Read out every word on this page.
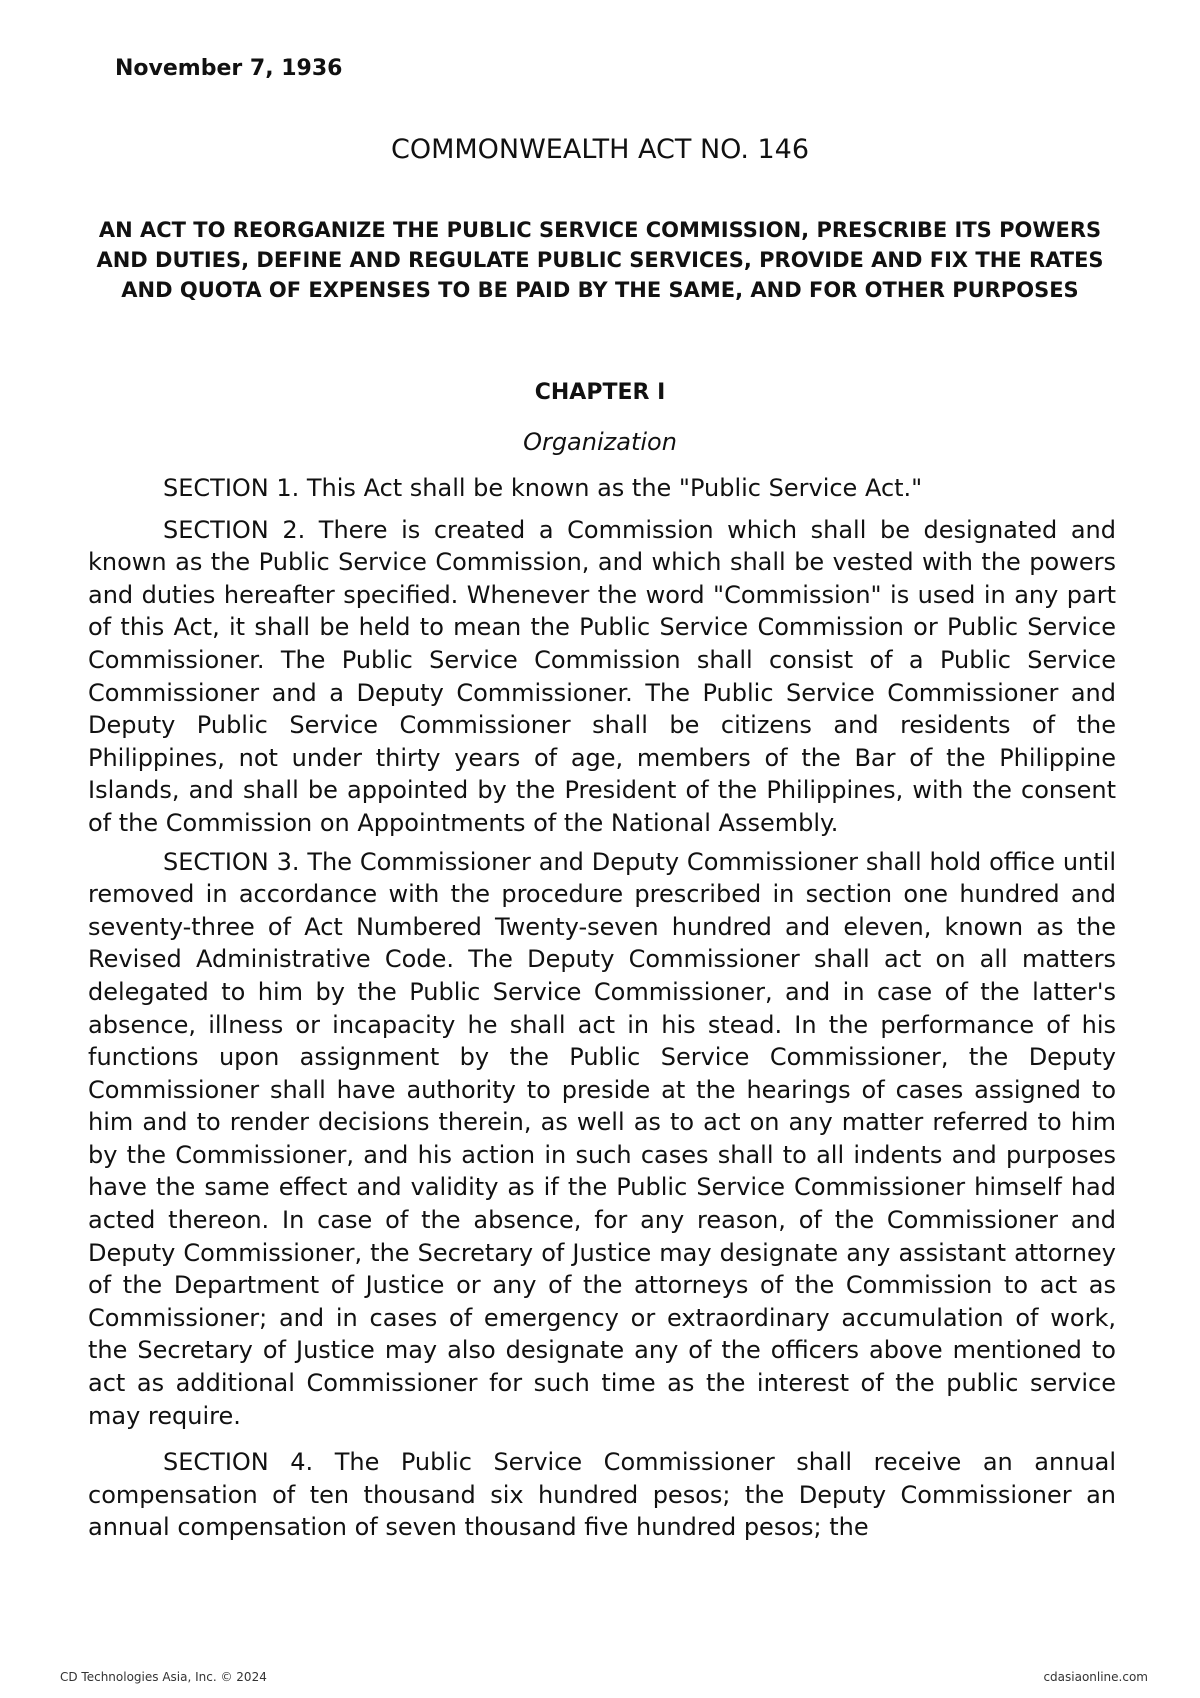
November 7, 1936
COMMONWEALTH ACT NO. 146
AN ACT TO REORGANIZE THE PUBLIC SERVICE COMMISSION, PRESCRIBE ITS POWERS AND DUTIES, DEFINE AND REGULATE PUBLIC SERVICES, PROVIDE AND FIX THE RATES AND QUOTA OF EXPENSES TO BE PAID BY THE SAME, AND FOR OTHER PURPOSES
CHAPTER I
Organization

SECTION 1. This Act shall be known as the "Public Service Act."

SECTION 2. There is created a Commission which shall be designated and known as the Public Service Commission, and which shall be vested with the powers and duties hereafter specified. Whenever the word "Commission" is used in any part of this Act, it shall be held to mean the Public Service Commission or Public Service Commissioner. The Public Service Commission shall consist of a Public Service Commissioner and a Deputy Commissioner. The Public Service Commissioner and Deputy Public Service Commissioner shall be citizens and residents of the Philippines, not under thirty years of age, members of the Bar of the Philippine Islands, and shall be appointed by the President of the Philippines, with the consent of the Commission on Appointments of the National Assembly.

SECTION 3. The Commissioner and Deputy Commissioner shall hold office until removed in accordance with the procedure prescribed in section one hundred and seventy-three of Act Numbered Twenty-seven hundred and eleven, known as the Revised Administrative Code. The Deputy Commissioner shall act on all matters delegated to him by the Public Service Commissioner, and in case of the latter's absence, illness or incapacity he shall act in his stead. In the performance of his functions upon assignment by the Public Service Commissioner, the Deputy Commissioner shall have authority to preside at the hearings of cases assigned to him and to render decisions therein, as well as to act on any matter referred to him by the Commissioner, and his action in such cases shall to all indents and purposes have the same effect and validity as if the Public Service Commissioner himself had acted thereon. In case of the absence, for any reason, of the Commissioner and Deputy Commissioner, the Secretary of Justice may designate any assistant attorney of the Department of Justice or any of the attorneys of the Commission to act as Commissioner; and in cases of emergency or extraordinary accumulation of work, the Secretary of Justice may also designate any of the officers above mentioned to act as additional Commissioner for such time as the interest of the public service may require.

SECTION 4. The Public Service Commissioner shall receive an annual compensation of ten thousand six hundred pesos; the Deputy Commissioner an annual compensation of seven thousand five hundred pesos; the

CD Technologies Asia, Inc. © 2024	cdasiaonline.com
